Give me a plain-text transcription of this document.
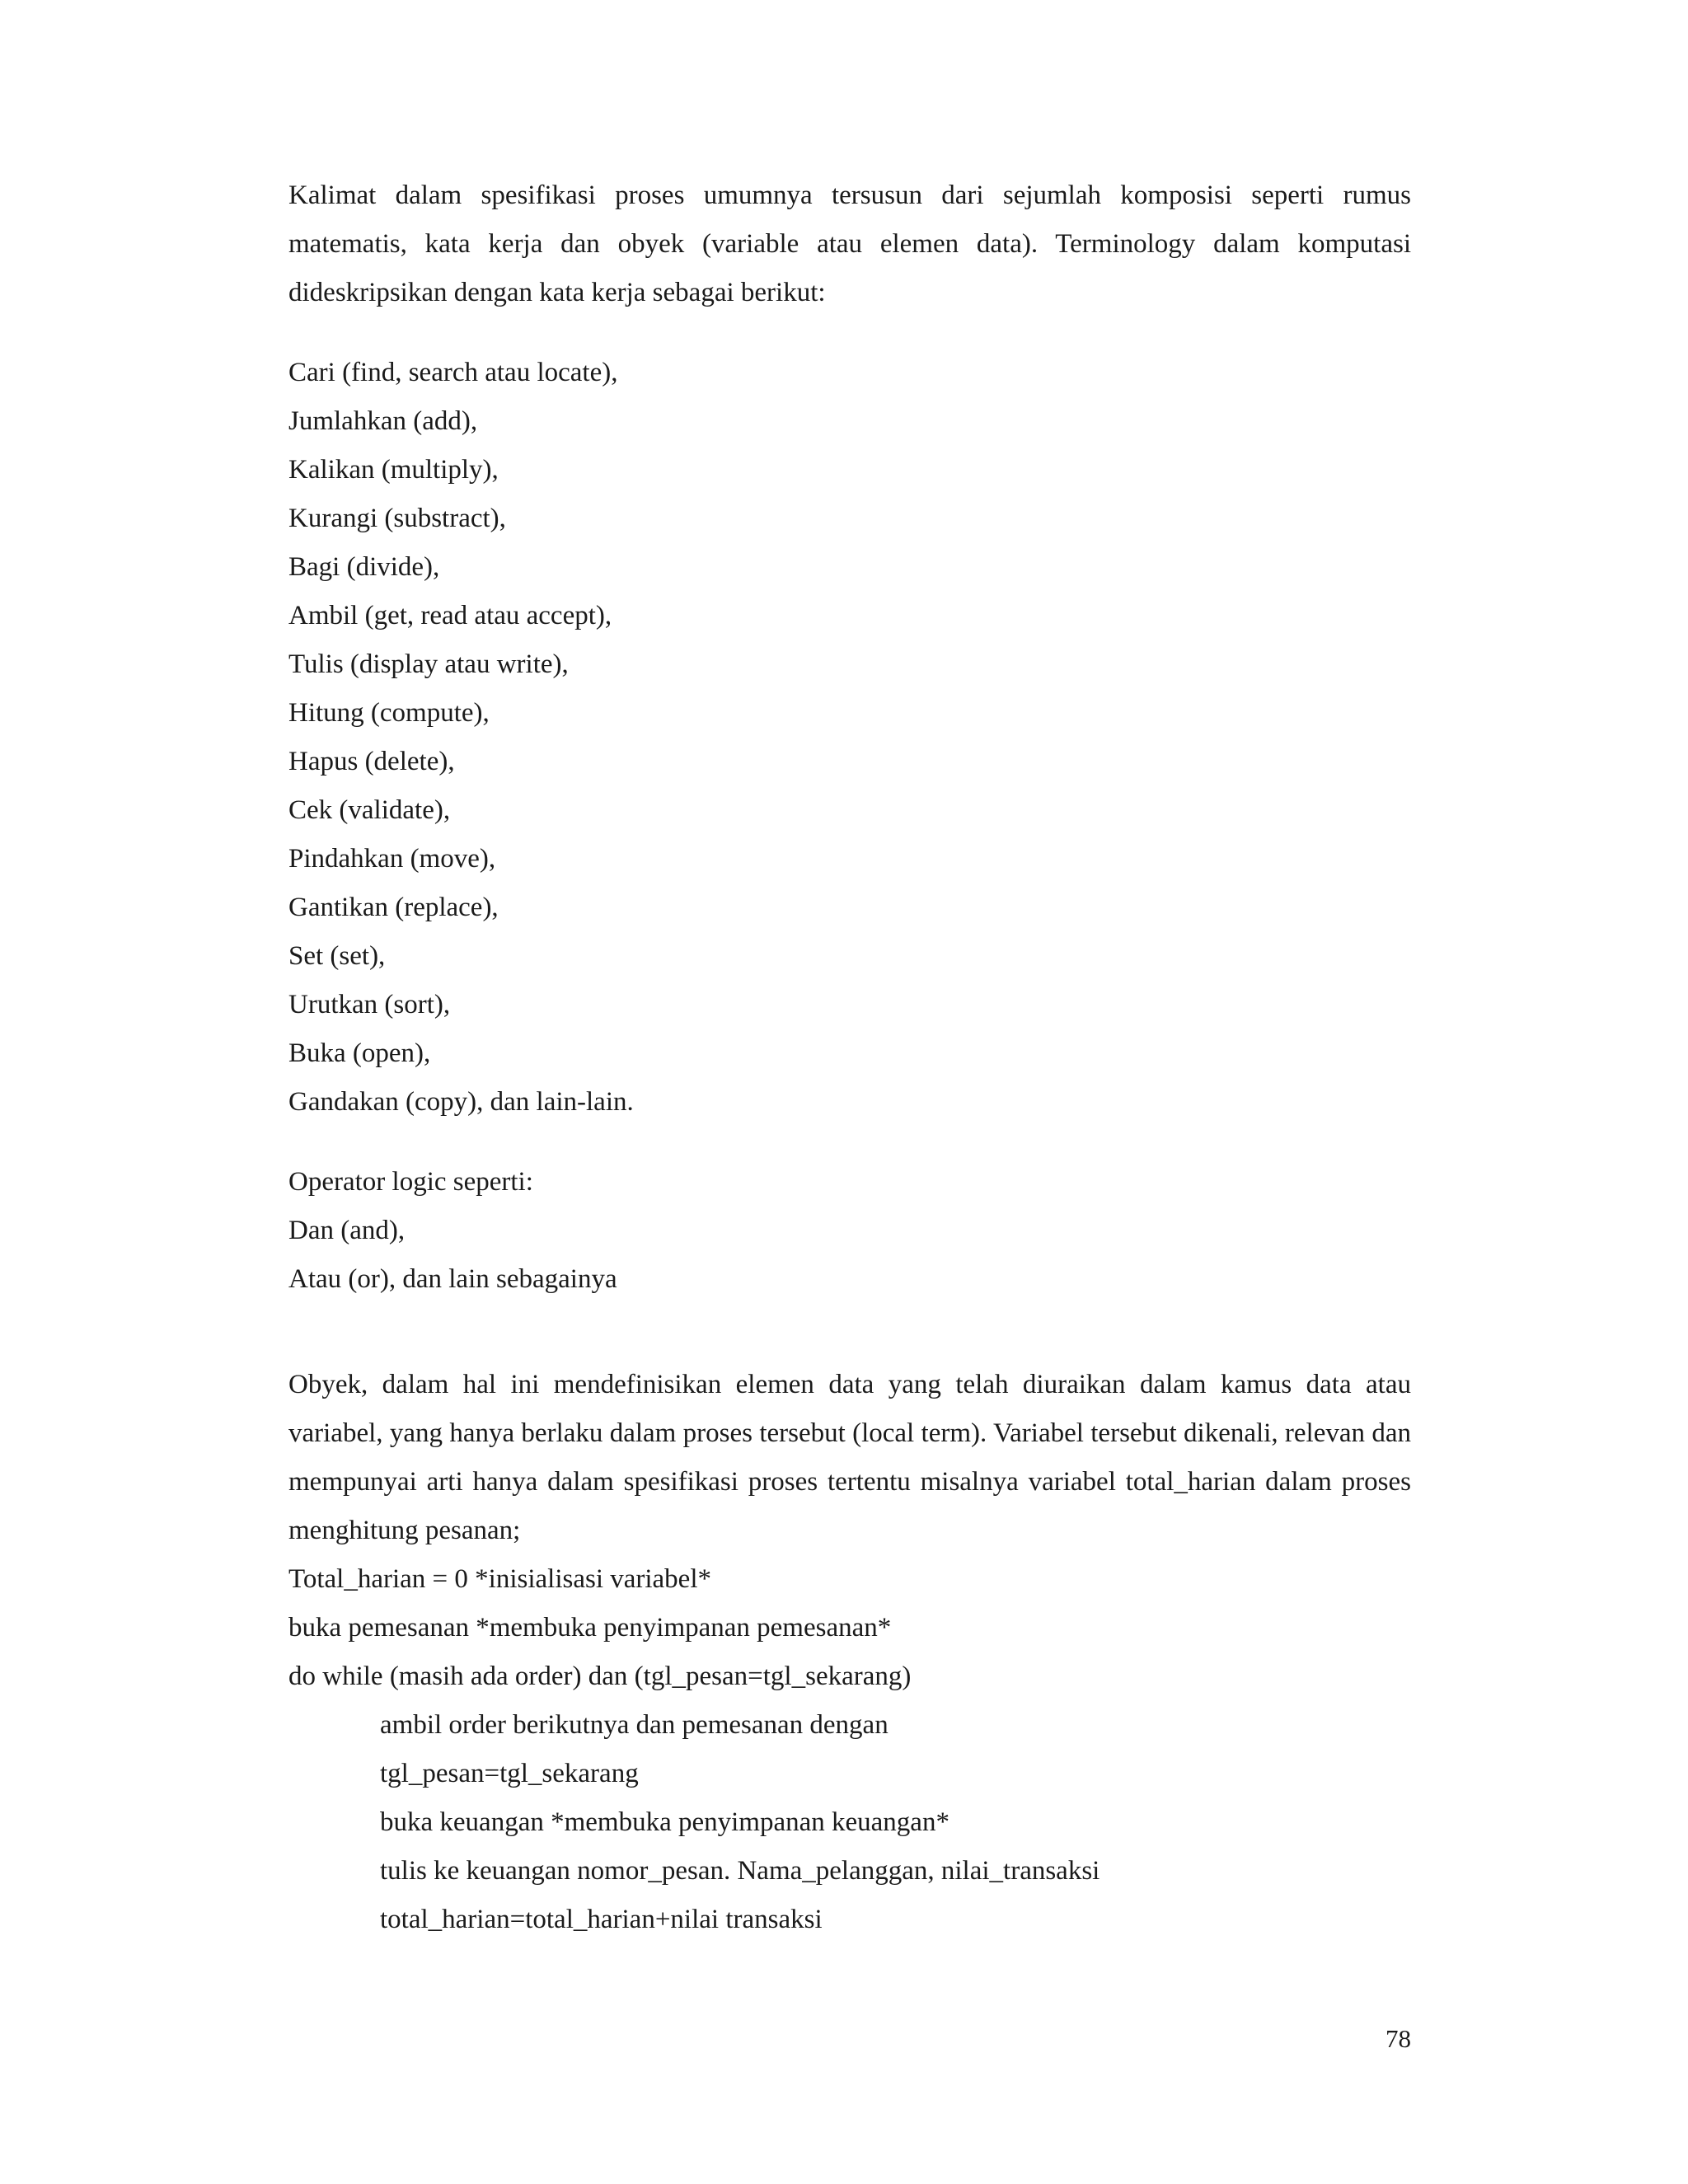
Kalimat dalam spesifikasi proses umumnya tersusun dari sejumlah komposisi seperti rumus matematis, kata kerja dan obyek (variable atau elemen data). Terminology dalam komputasi dideskripsikan dengan kata kerja sebagai berikut:

Cari (find, search atau locate),
Jumlahkan (add),
Kalikan (multiply),
Kurangi (substract),
Bagi (divide),
Ambil (get, read atau accept),
Tulis (display atau write),
Hitung (compute),
Hapus (delete),
Cek (validate),
Pindahkan (move),
Gantikan (replace),
Set (set),
Urutkan (sort),
Buka (open),
Gandakan (copy), dan lain-lain.
Operator logic seperti:
Dan (and),
Atau (or), dan lain sebagainya

Obyek, dalam hal ini mendefinisikan elemen data yang telah diuraikan dalam kamus data atau variabel, yang hanya berlaku dalam proses tersebut (local term). Variabel tersebut dikenali, relevan dan mempunyai arti hanya dalam spesifikasi proses tertentu misalnya variabel total_harian dalam proses menghitung pesanan;

Total_harian = 0 *inisialisasi variabel*

buka pemesanan *membuka penyimpanan pemesanan*

do while (masih ada order) dan (tgl_pesan=tgl_sekarang)

ambil order berikutnya dan pemesanan dengan

tgl_pesan=tgl_sekarang

buka keuangan *membuka penyimpanan keuangan*

tulis ke keuangan nomor_pesan. Nama_pelanggan, nilai_transaksi

total_harian=total_harian+nilai transaksi

78
